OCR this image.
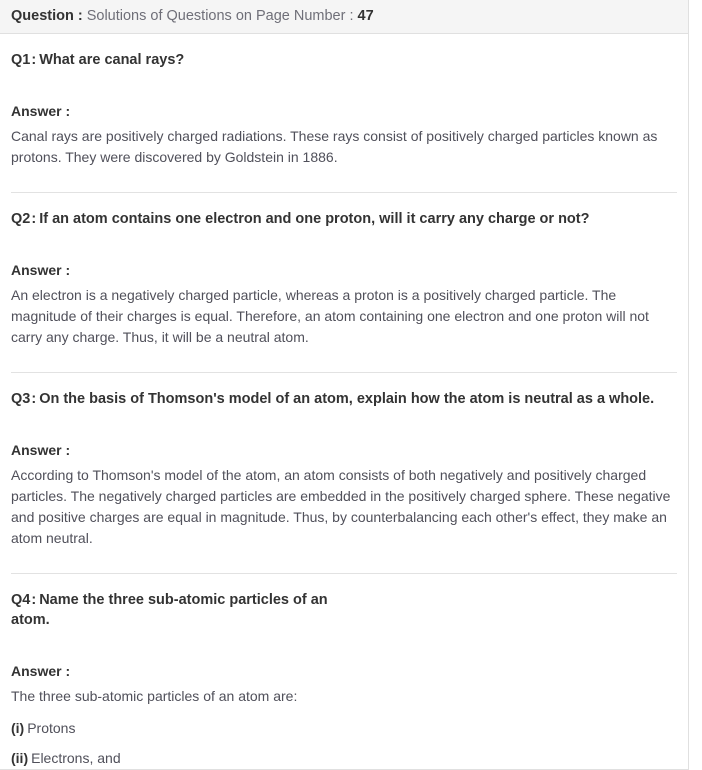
Question : Solutions of Questions on Page Number : 47
Q1: What are canal rays?
Answer :
Canal rays are positively charged radiations. These rays consist of positively charged particles known as protons. They were discovered by Goldstein in 1886.
Q2: If an atom contains one electron and one proton, will it carry any charge or not?
Answer :
An electron is a negatively charged particle, whereas a proton is a positively charged particle. The magnitude of their charges is equal. Therefore, an atom containing one electron and one proton will not carry any charge. Thus, it will be a neutral atom.
Q3: On the basis of Thomson's model of an atom, explain how the atom is neutral as a whole.
Answer :
According to Thomson's model of the atom, an atom consists of both negatively and positively charged particles. The negatively charged particles are embedded in the positively charged sphere. These negative and positive charges are equal in magnitude. Thus, by counterbalancing each other's effect, they make an atom neutral.
Q4: Name the three sub-atomic particles of an
atom.
Answer :
The three sub-atomic particles of an atom are:
(i) Protons
(ii) Electrons, and
